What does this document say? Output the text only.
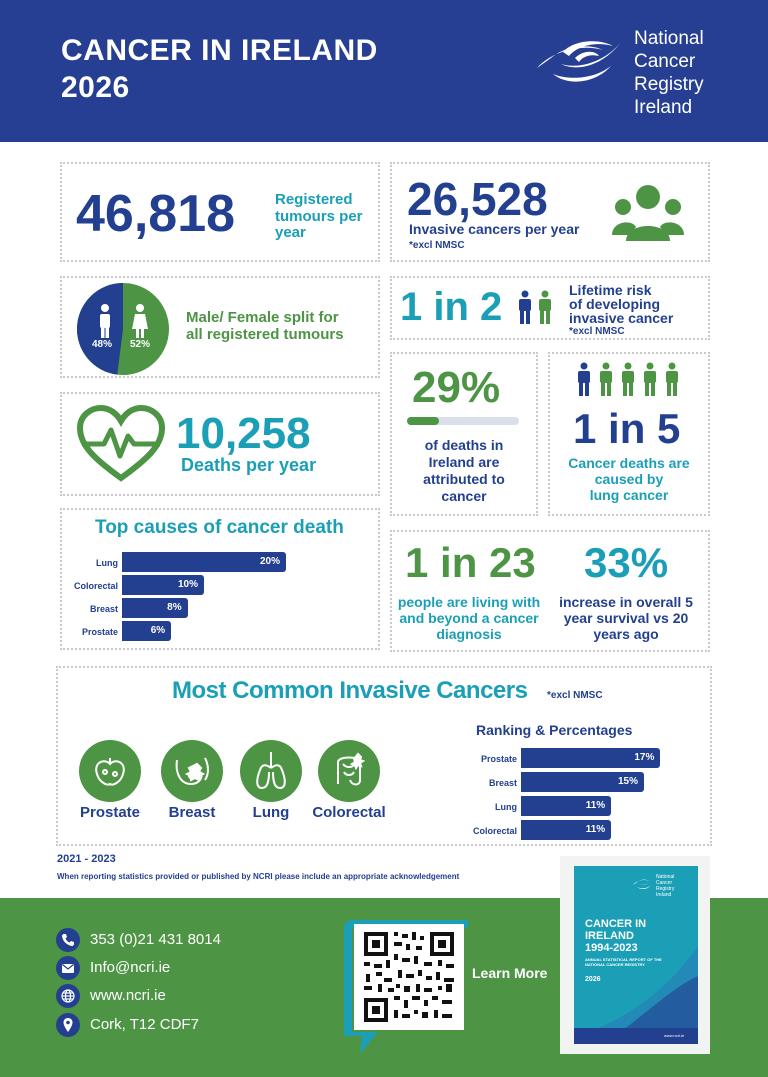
CANCER IN IRELAND
2026
National
Cancer
Registry
Ireland
46,818	Registered
tumours per
year
26,528
Invasive cancers per year
*excl NMSC
48% 52%
Male/ Female split for
all registered tumours
1 in 2	Lifetime risk
of developing
invasive cancer
*excl NMSC
10,258
Deaths per year
29%
of deaths in
Ireland are
attributed to
cancer
1 in 5
Cancer deaths are
caused by
lung cancer
Top causes of cancer death
Lung	20%
Colorectal	10%
Breast	8%
Prostate	6%
1 in 23
people are living with
and beyond a cancer
diagnosis
33%
increase in overall 5
year survival vs 20
years ago
Most Common Invasive Cancers *excl NMSC
Prostate	Breast	Lung	Colorectal
Ranking & Percentages
Prostate	17%
Breast	15%
Lung	11%
Colorectal	11%
2021 - 2023
When reporting statistics provided or published by NCRI please include an appropriate acknowledgement
353 (0)21 431 8014
Info@ncri.ie
www.ncri.ie
Cork, T12 CDF7
Learn More
National
Cancer
Registry
Ireland
CANCER IN
IRELAND
1994-2023
ANNUAL STATISTICAL REPORT OF THE
NATIONAL CANCER REGISTRY
2026
www.ncri.ie
